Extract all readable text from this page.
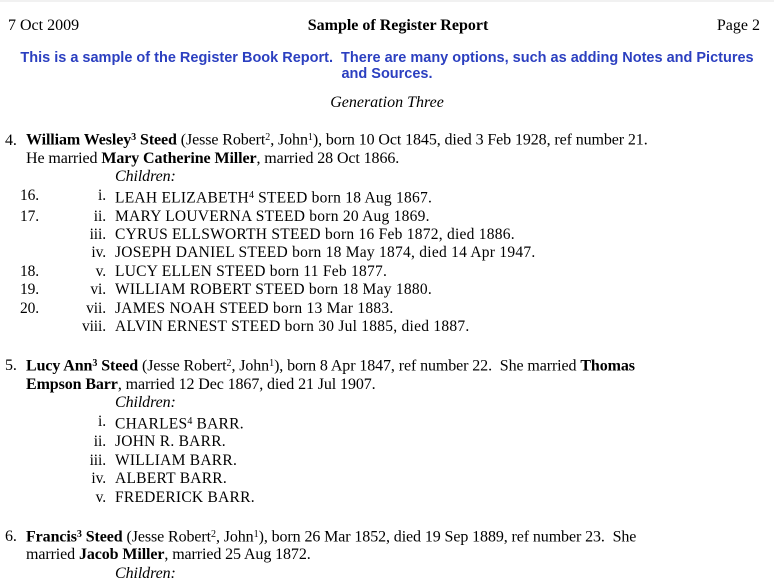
7 Oct 2009	Sample of Register Report	Page 2

This is a sample of the Register Book Report.  There are many options, such as adding Notes and Pictures and Sources.

Generation Three

4. William Wesley$^3$ Steed (Jesse Robert$^2$, John$^1$), born 10 Oct 1845, died 3 Feb 1928, ref number 21.
He married Mary Catherine Miller, married 28 Oct 1866.

Children:
16.	i. LEAH ELIZABETH$^4$ STEED born 18 Aug 1867.
17.	ii. MARY LOUVERNA STEED born 20 Aug 1869.
iii. CYRUS ELLSWORTH STEED born 16 Feb 1872, died 1886.
iv. JOSEPH DANIEL STEED born 18 May 1874, died 14 Apr 1947.
18.	v. LUCY ELLEN STEED born 11 Feb 1877.
19.	vi. WILLIAM ROBERT STEED born 18 May 1880.
20.	vii. JAMES NOAH STEED born 13 Mar 1883.
viii. ALVIN ERNEST STEED born 30 Jul 1885, died 1887.

5. Lucy Ann$^3$ Steed (Jesse Robert$^2$, John$^1$), born 8 Apr 1847, ref number 22.  She married Thomas
Empson Barr, married 12 Dec 1867, died 21 Jul 1907.

Children:
i. CHARLES$^4$ BARR.
ii. JOHN R. BARR.
iii. WILLIAM BARR.
iv. ALBERT BARR.
v. FREDERICK BARR.

6. Francis$^3$ Steed (Jesse Robert$^2$, John$^1$), born 26 Mar 1852, died 19 Sep 1889, ref number 23.  She
married Jacob Miller, married 25 Aug 1872.

Children:
